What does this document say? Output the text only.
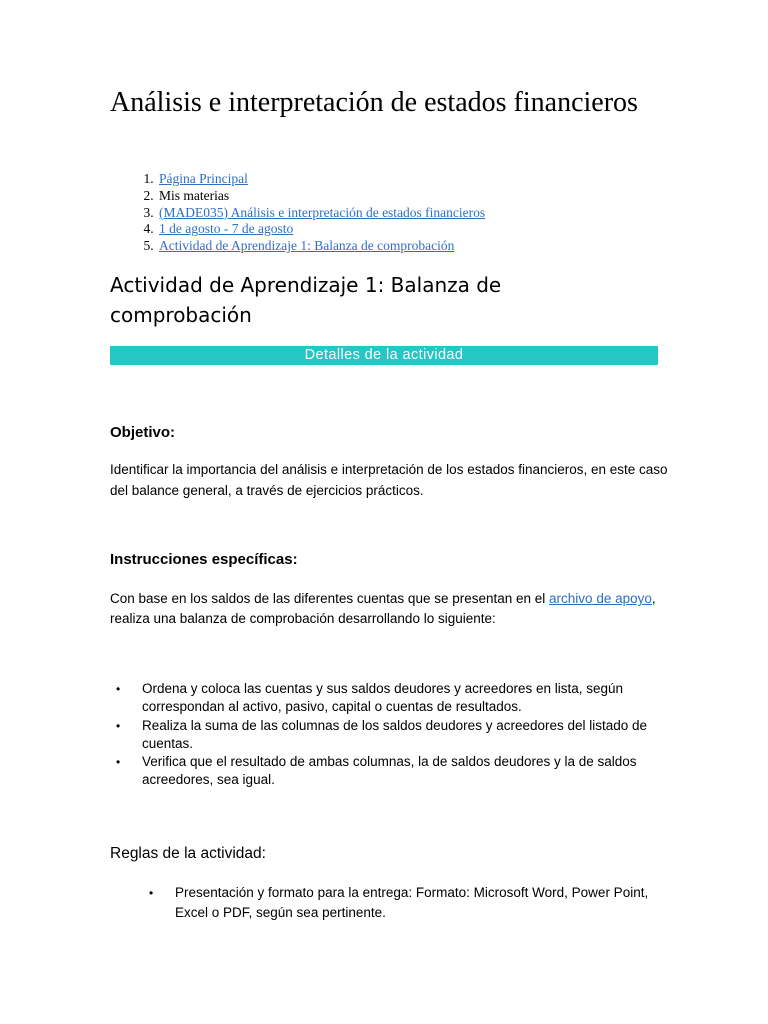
Análisis e interpretación de estados financieros
1. Página Principal
2. Mis materias
3. (MADE035) Análisis e interpretación de estados financieros
4. 1 de agosto - 7 de agosto
5. Actividad de Aprendizaje 1: Balanza de comprobación
Actividad de Aprendizaje 1: Balanza de comprobación
Detalles de la actividad
Objetivo:

Identificar la importancia del análisis e interpretación de los estados financieros, en este caso del balance general, a través de ejercicios prácticos.

Instrucciones específicas:

Con base en los saldos de las diferentes cuentas que se presentan en el archivo de apoyo, realiza una balanza de comprobación desarrollando lo siguiente:

• Ordena y coloca las cuentas y sus saldos deudores y acreedores en lista, según correspondan al activo, pasivo, capital o cuentas de resultados.
• Realiza la suma de las columnas de los saldos deudores y acreedores del listado de cuentas.
• Verifica que el resultado de ambas columnas, la de saldos deudores y la de saldos acreedores, sea igual.
Reglas de la actividad:
• Presentación y formato para la entrega: Formato: Microsoft Word, Power Point, Excel o PDF, según sea pertinente.
